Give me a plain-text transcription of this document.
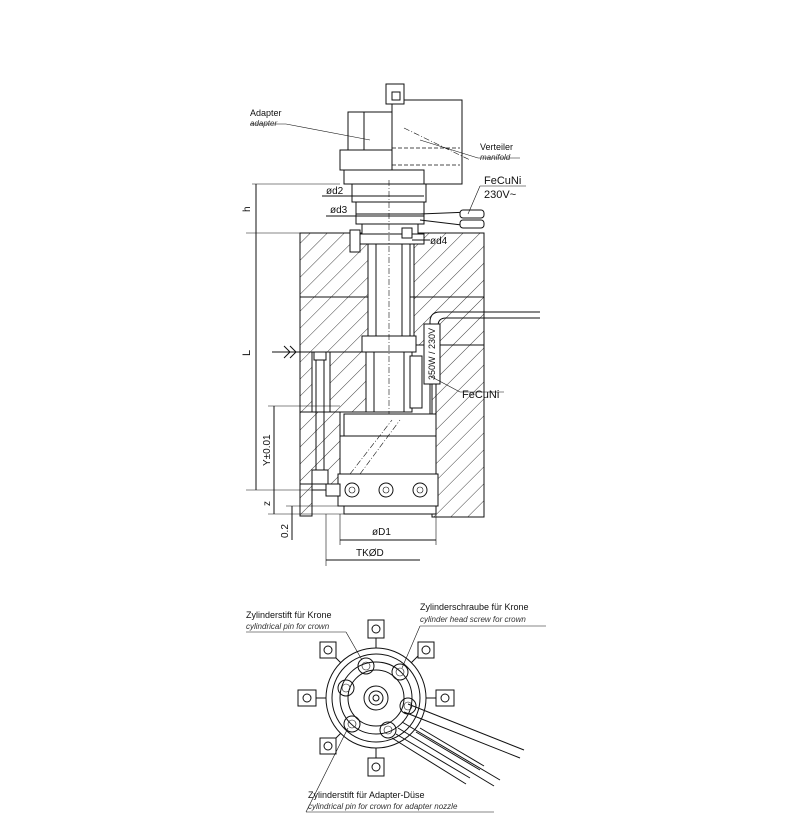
Adapter
adapter
Verteiler
manifold
FeCuNi
230V~
FeCuNi
350W / 230V
ød2
ød3
ød4
h
L
Y±0.01
z
0.2	øD1
TKØD
Zylinderstift für Krone
cylindrical pin for crown
Zylinderschraube für Krone
cylinder head screw for crown
Zylinderstift für Adapter-Düse
cylindrical pin for crown for adapter nozzle
